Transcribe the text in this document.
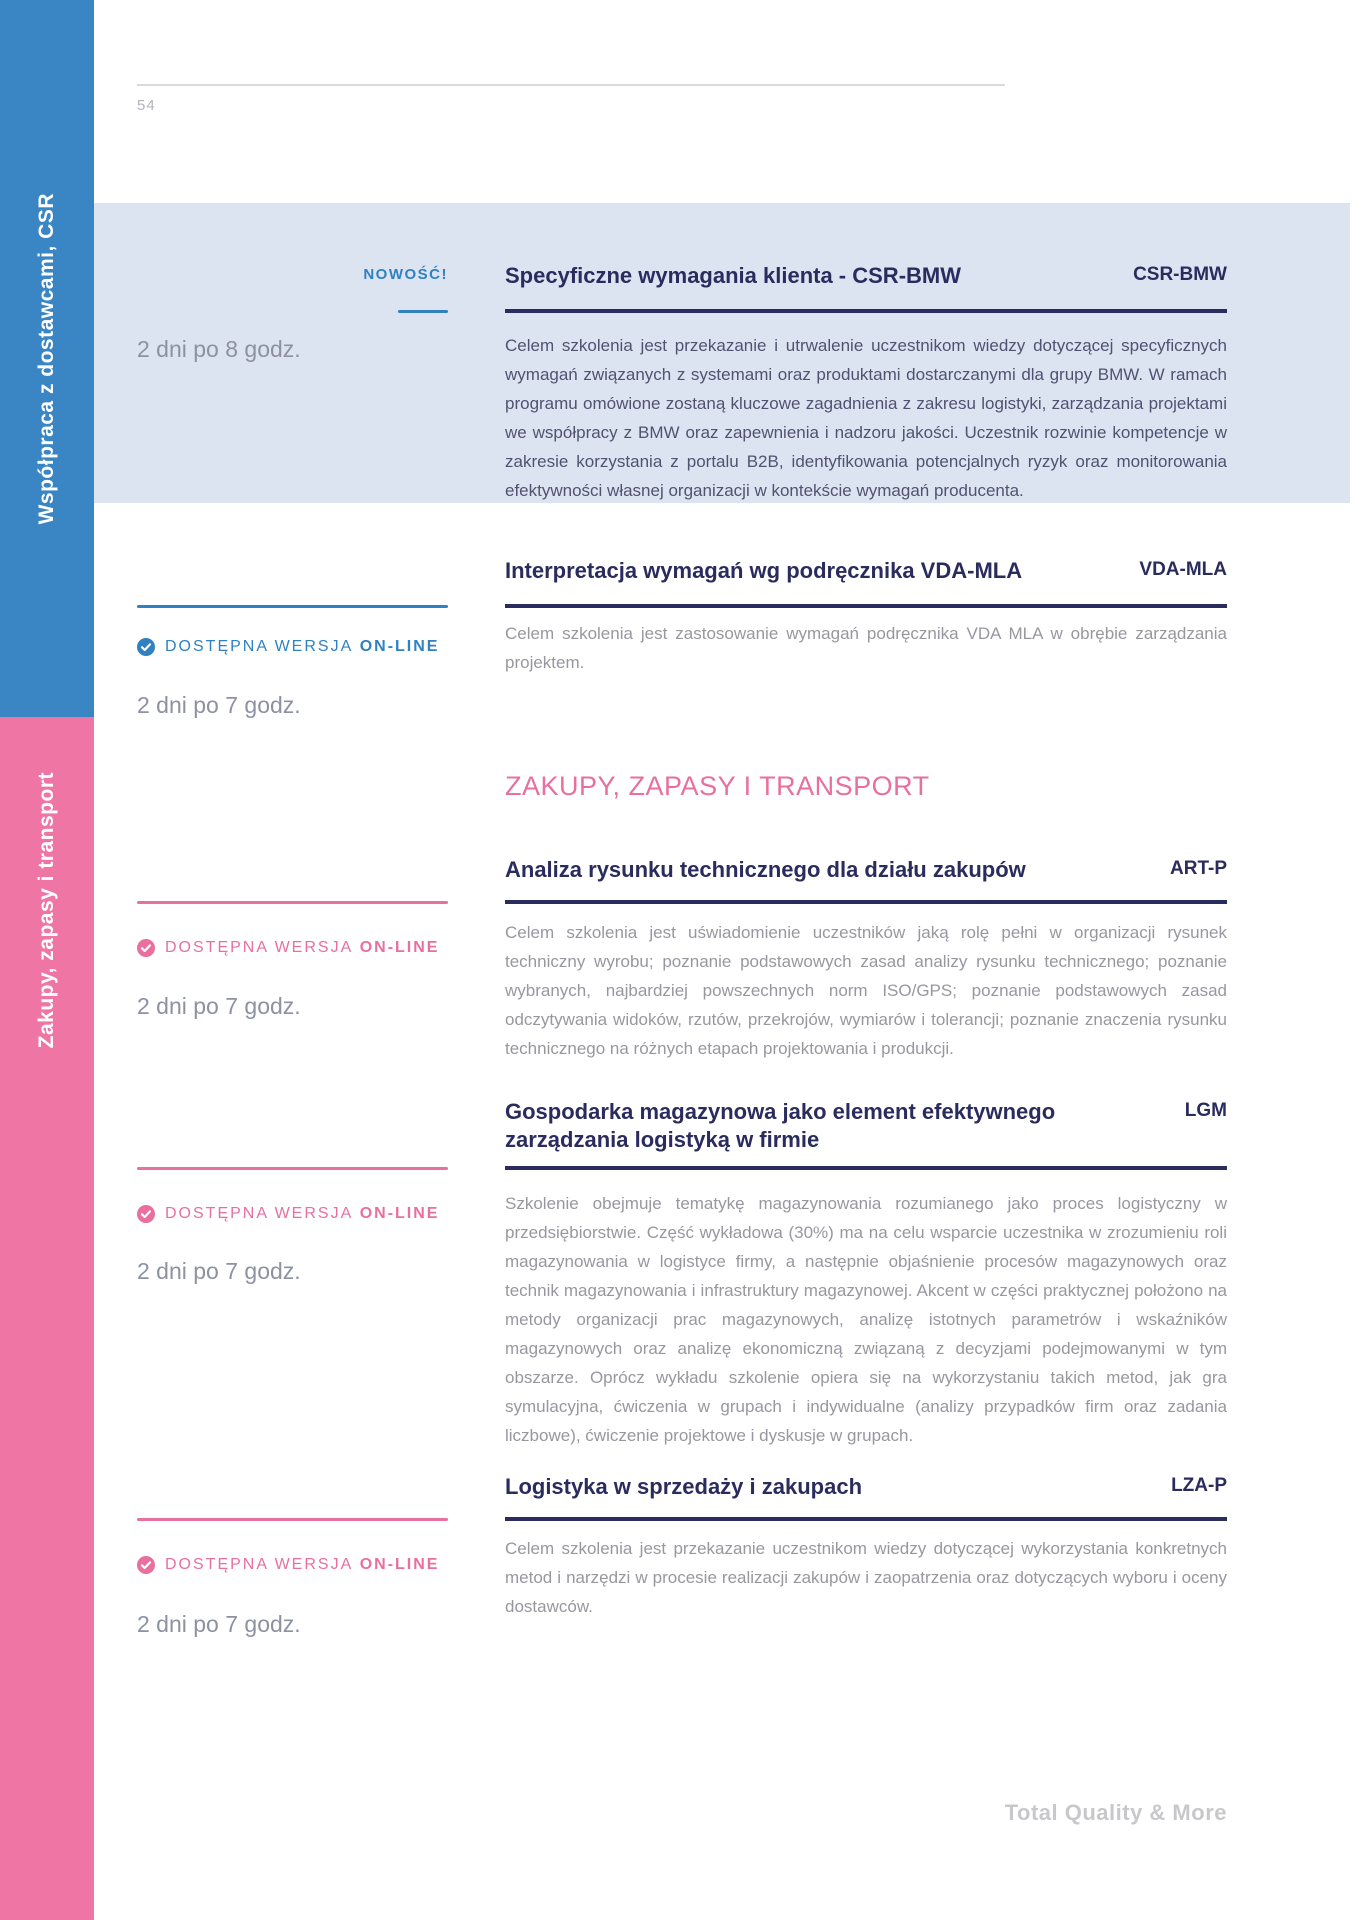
Współpraca z dostawcami, CSR
Zakupy, zapasy i transport
54
NOWOŚĆ!	Specyficzne wymagania klienta - CSR-BMW	CSR-BMW
2 dni po 8 godz.	Celem szkolenia jest przekazanie i utrwalenie uczestnikom wiedzy dotyczącej specyficznych wymagań związanych z systemami oraz produktami dostarczanymi dla grupy BMW. W ramach programu omówione zostaną kluczowe zagadnienia z zakresu logistyki, zarządzania projektami we współpracy z BMW oraz zapewnienia i nadzoru jakości. Uczestnik rozwinie kompetencje w zakresie korzystania z portalu B2B, identyfikowania potencjalnych ryzyk oraz monitorowania efektywności własnej organizacji w kontekście wymagań producenta.
Interpretacja wymagań wg podręcznika VDA-MLA	VDA-MLA
DOSTĘPNA WERSJA ON-LINE
2 dni po 7 godz.
Celem szkolenia jest zastosowanie wymagań podręcznika VDA MLA w obrębie zarządzania projektem.
ZAKUPY, ZAPASY I TRANSPORT
Analiza rysunku technicznego dla działu zakupów	ART-P
DOSTĘPNA WERSJA ON-LINE
2 dni po 7 godz.
Celem szkolenia jest uświadomienie uczestników jaką rolę pełni w organizacji rysunek techniczny wyrobu; poznanie podstawowych zasad analizy rysunku technicznego; poznanie wybranych, najbardziej powszechnych norm ISO/GPS; poznanie podstawowych zasad odczytywania widoków, rzutów, przekrojów, wymiarów i tolerancji; poznanie znaczenia rysunku technicznego na różnych etapach projektowania i produkcji.
Gospodarka magazynowa jako element efektywnego zarządzania logistyką w firmie
LGM
DOSTĘPNA WERSJA ON-LINE
2 dni po 7 godz.
Szkolenie obejmuje tematykę magazynowania rozumianego jako proces logistyczny w przedsiębiorstwie. Część wykładowa (30%) ma na celu wsparcie uczestnika w zrozumieniu roli magazynowania w logistyce firmy, a następnie objaśnienie procesów magazynowych oraz technik magazynowania i infrastruktury magazynowej. Akcent w części praktycznej położono na metody organizacji prac magazynowych, analizę istotnych parametrów i wskaźników magazynowych oraz analizę ekonomiczną związaną z decyzjami podejmowanymi w tym obszarze. Oprócz wykładu szkolenie opiera się na wykorzystaniu takich metod, jak gra symulacyjna, ćwiczenia w grupach i indywidualne (analizy przypadków firm oraz zadania liczbowe), ćwiczenie projektowe i dyskusje w grupach.
Logistyka w sprzedaży i zakupach	LZA-P
DOSTĘPNA WERSJA ON-LINE
2 dni po 7 godz.
Celem szkolenia jest przekazanie uczestnikom wiedzy dotyczącej wykorzystania konkretnych metod i narzędzi w procesie realizacji zakupów i zaopatrzenia oraz dotyczących wyboru i oceny dostawców.
Total Quality & More
